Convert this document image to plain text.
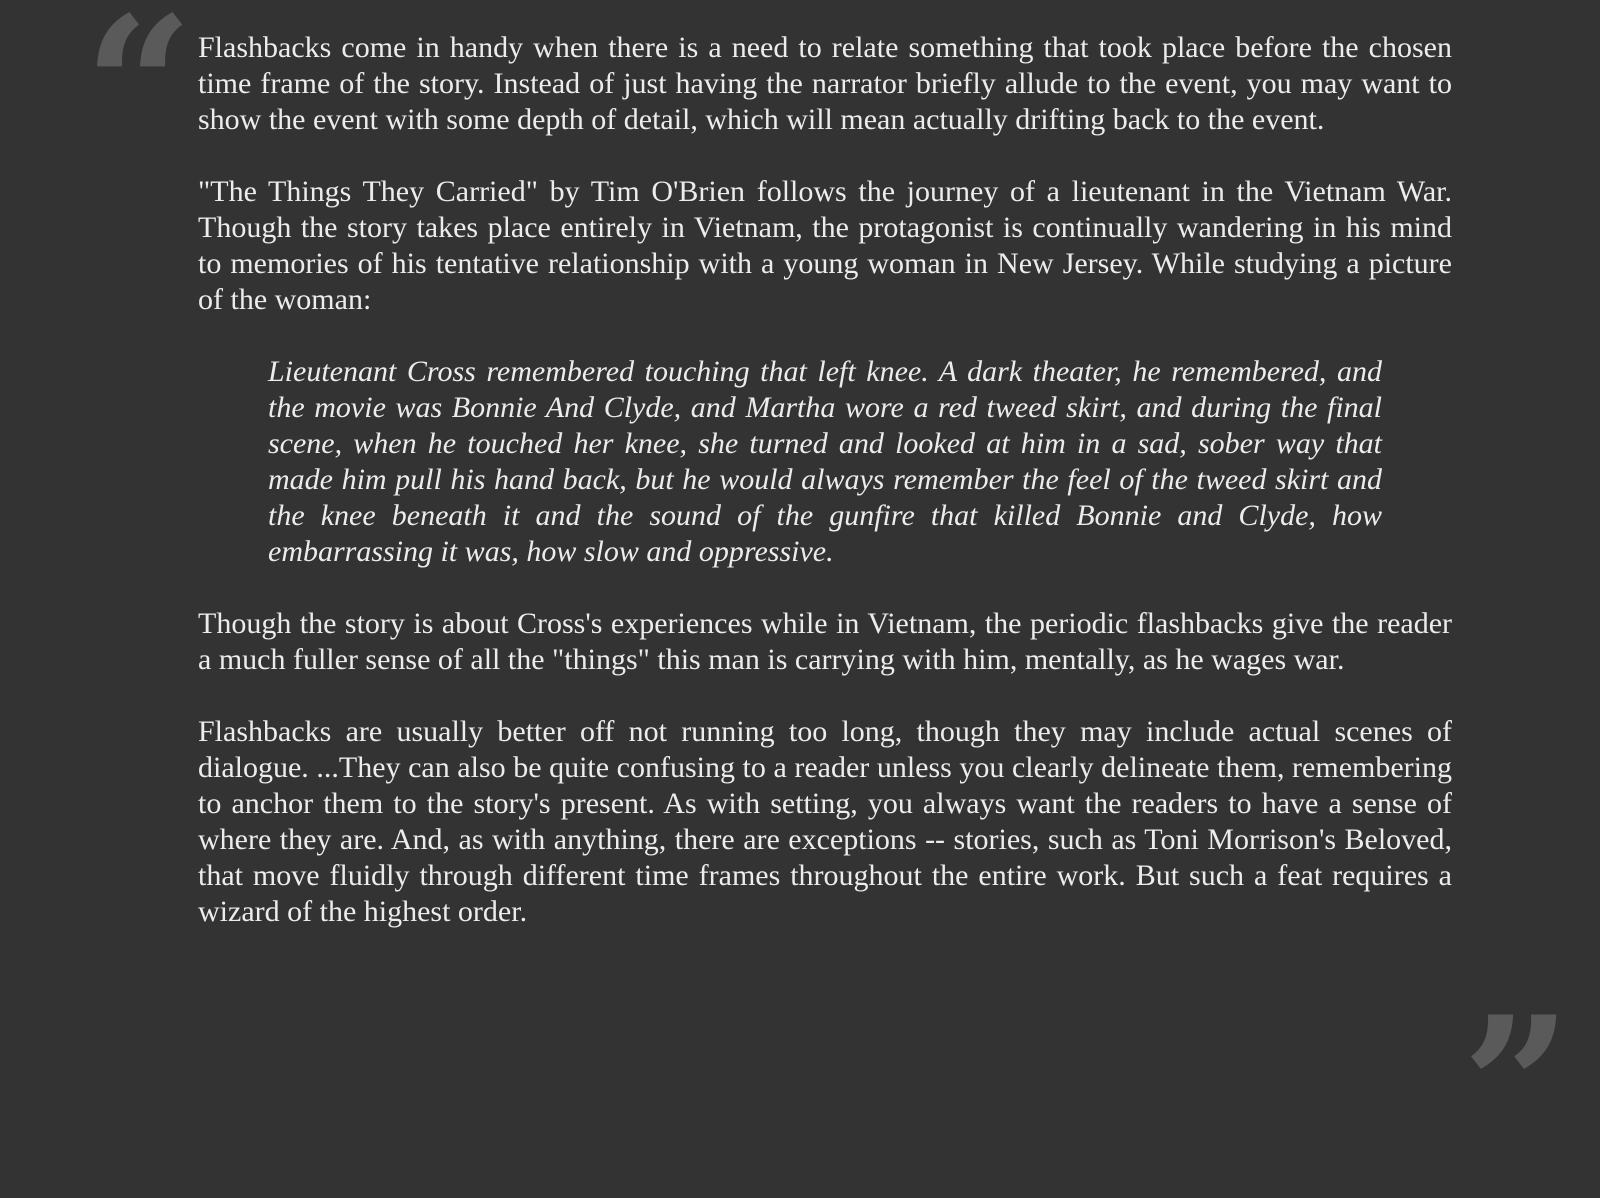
“ Flashbacks come in handy when there is a need to relate something that took place before the chosen time frame of the story. Instead of just having the narrator briefly allude to the event, you may want to show the event with some depth of detail, which will mean actually drifting back to the event.

"The Things They Carried" by Tim O'Brien follows the journey of a lieutenant in the Vietnam War. Though the story takes place entirely in Vietnam, the protagonist is continually wandering in his mind to memories of his tentative relationship with a young woman in New Jersey. While studying a picture of the woman:

Lieutenant Cross remembered touching that left knee. A dark theater, he remembered, and the movie was Bonnie And Clyde, and Martha wore a red tweed skirt, and during the final scene, when he touched her knee, she turned and looked at him in a sad, sober way that made him pull his hand back, but he would always remember the feel of the tweed skirt and the knee beneath it and the sound of the gunfire that killed Bonnie and Clyde, how embarrassing it was, how slow and oppressive.

Though the story is about Cross's experiences while in Vietnam, the periodic flashbacks give the reader a much fuller sense of all the "things" this man is carrying with him, mentally, as he wages war.

Flashbacks are usually better off not running too long, though they may include actual scenes of dialogue. ...They can also be quite confusing to a reader unless you clearly delineate them, remembering to anchor them to the story's present. As with setting, you always want the readers to have a sense of where they are. And, as with anything, there are exceptions -- stories, such as Toni Morrison's Beloved, that move fluidly through different time frames throughout the entire work. But such a feat requires a wizard of the highest order.

”
